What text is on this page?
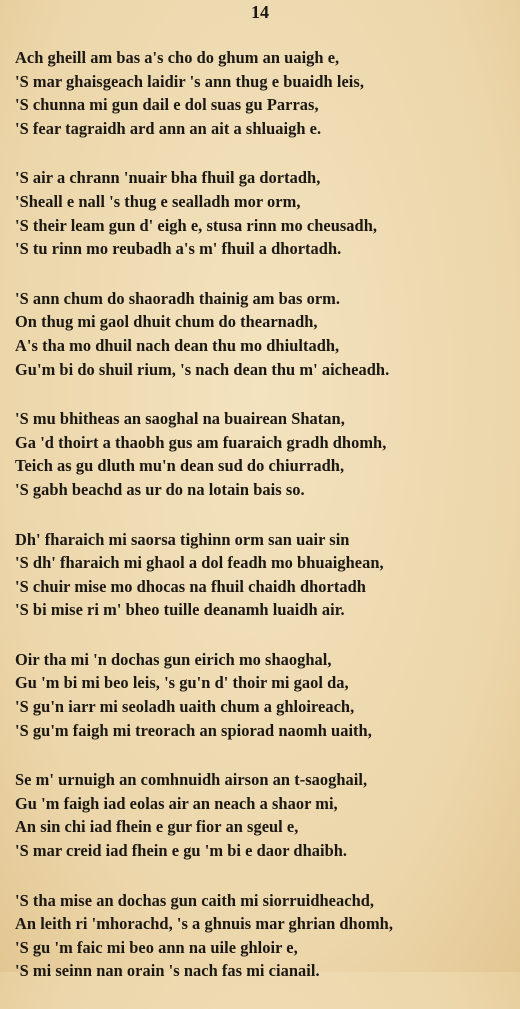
14
Ach gheill am bas a's cho do ghum an uaigh e,
'S mar ghaisgeach laidir 's ann thug e buaidh leis,
'S chunna mi gun dail e dol suas gu Parras,
'S fear tagraidh ard ann an ait a shluaigh e.
'S air a chrann 'nuair bha fhuil ga dortadh,
'Sheall e nall 's thug e sealladh mor orm,
'S their leam gun d' eigh e, stusa rinn mo cheusadh,
'S tu rinn mo reubadh a's m' fhuil a dhortadh.
'S ann chum do shaoradh thainig am bas orm.
On thug mi gaol dhuit chum do thearnadh,
A's tha mo dhuil nach dean thu mo dhiultadh,
Gu'm bi do shuil rium, 's nach dean thu m' aicheadh.
'S mu bhitheas an saoghal na buairean Shatan,
Ga 'd thoirt a thaobh gus am fuaraich gradh dhomh,
Teich as gu dluth mu'n dean sud do chiurradh,
'S gabh beachd as ur do na lotain bais so.
Dh' fharaich mi saorsa tighinn orm san uair sin
'S dh' fharaich mi ghaol a dol feadh mo bhuaighean,
'S chuir mise mo dhocas na fhuil chaidh dhortadh
'S bi mise ri m' bheo tuille deanamh luaidh air.
Oir tha mi 'n dochas gun eirich mo shaoghal,
Gu 'm bi mi beo leis, 's gu'n d' thoir mi gaol da,
'S gu'n iarr mi seoladh uaith chum a ghloireach,
'S gu'm faigh mi treorach an spiorad naomh uaith,
Se m' urnuigh an comhnuidh airson an t-saoghail,
Gu 'm faigh iad eolas air an neach a shaor mi,
An sin chi iad fhein e gur fior an sgeul e,
'S mar creid iad fhein e gu 'm bi e daor dhaibh.
'S tha mise an dochas gun caith mi siorruidheachd,
An leith ri 'mhorachd, 's a ghnuis mar ghrian dhomh,
'S gu 'm faic mi beo ann na uile ghloir e,
'S mi seinn nan orain 's nach fas mi cianail.
